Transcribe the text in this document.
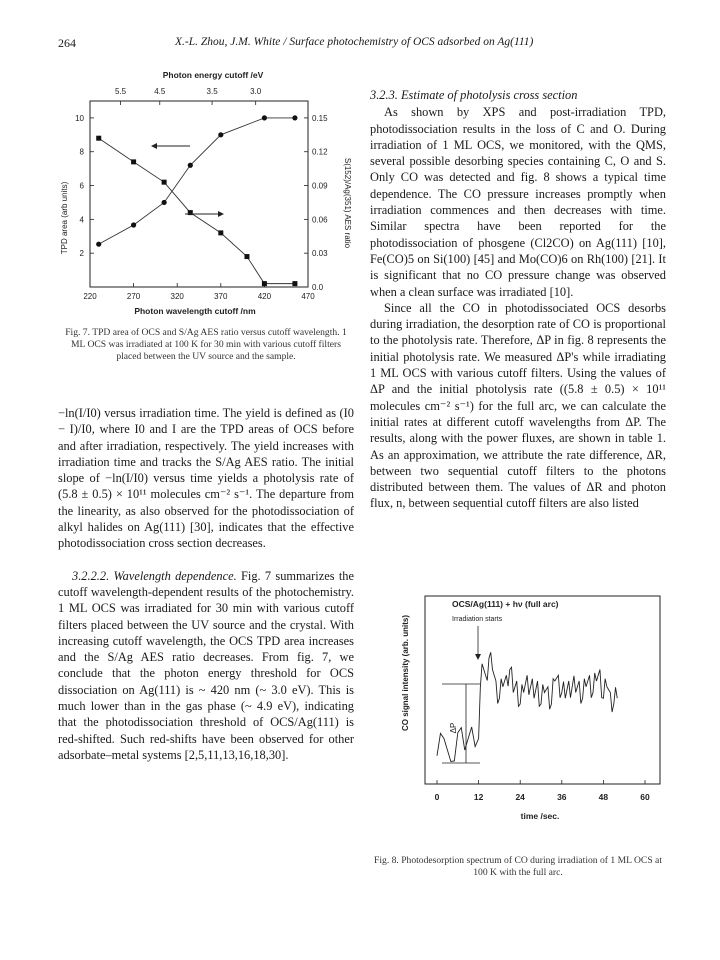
264	X.-L. Zhou, J.M. White / Surface photochemistry of OCS adsorbed on Ag(111)
Photon energy cutoff /eV
5.5	4.5	3.5	3.0
2
4
6
8
10
0.03
0.06
0.09
0.12
0.15
0.0
220	270	320	370	420	470
TPD area (arb units)	S(152)/Ag(351) AES ratio
Photon wavelength cutoff /nm
Fig. 7. TPD area of OCS and S/Ag AES ratio versus cutoff wavelength. 1 ML OCS was irradiated at 100 K for 30 min with various cutoff filters placed between the UV source and the sample.

−ln(I/I0) versus irradiation time. The yield is defined as (I0 − I)/I0, where I0 and I are the TPD areas of OCS before and after irradiation, respectively. The yield increases with irradiation time and tracks the S/Ag AES ratio. The initial slope of −ln(I/I0) versus time yields a photolysis rate of (5.8 ± 0.5) × 10¹¹ molecules cm⁻² s⁻¹. The departure from the linearity, as also observed for the photodissociation of alkyl halides on Ag(111) [30], indicates that the effective photodissociation cross section decreases.

3.2.2.2. Wavelength dependence. Fig. 7 summarizes the cutoff wavelength-dependent results of the photochemistry. 1 ML OCS was irradiated for 30 min with various cutoff filters placed between the UV source and the crystal. With increasing cutoff wavelength, the OCS TPD area increases and the S/Ag AES ratio decreases. From fig. 7, we conclude that the photon energy threshold for OCS dissociation on Ag(111) is ~ 420 nm (~ 3.0 eV). This is much lower than in the gas phase (~ 4.9 eV), indicating that the photodissociation threshold of OCS/Ag(111) is red-shifted. Such red-shifts have been observed for other adsorbate–metal systems [2,5,11,13,16,18,30].

3.2.3. Estimate of photolysis cross section

As shown by XPS and post-irradiation TPD, photodissociation results in the loss of C and O. During irradiation of 1 ML OCS, we monitored, with the QMS, several possible desorbing species containing C, O and S. Only CO was detected and fig. 8 shows a typical time dependence. The CO pressure increases promptly when irradiation commences and then decreases with time. Similar spectra have been reported for the photodissociation of phosgene (Cl2CO) on Ag(111) [10], Fe(CO)5 on Si(100) [45] and Mo(CO)6 on Rh(100) [21]. It is significant that no CO pressure change was observed when a clean surface was irradiated [10].

Since all the CO in photodissociated OCS desorbs during irradiation, the desorption rate of CO is proportional to the photolysis rate. Therefore, ΔP in fig. 8 represents the initial photolysis rate. We measured ΔP's while irradiating 1 ML OCS with various cutoff filters. Using the values of ΔP and the initial photolysis rate ((5.8 ± 0.5) × 10¹¹ molecules cm⁻² s⁻¹) for the full arc, we can calculate the initial rates at different cutoff wavelengths from ΔP. The results, along with the power fluxes, are shown in table 1. As an approximation, we attribute the rate difference, ΔR, between two sequential cutoff filters to the photons distributed between them. The values of ΔR and photon flux, n, between sequential cutoff filters are also listed

CO signal intensity (arb. units)
OCS/Ag(111) + hν (full arc)
Irradiation starts
ΔP
0	12	24	36	48	60
time /sec.
Fig. 8. Photodesorption spectrum of CO during irradiation of 1 ML OCS at 100 K with the full arc.
